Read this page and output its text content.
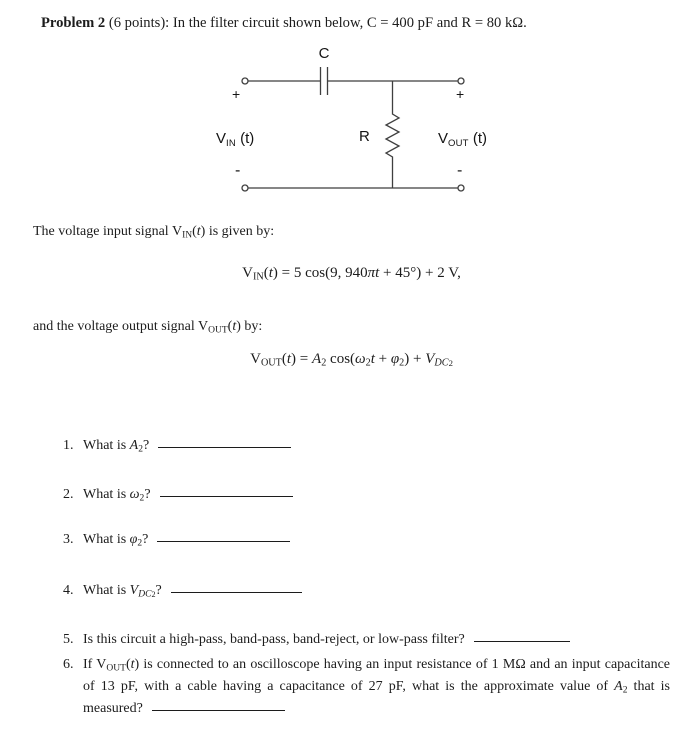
Problem 2 (6 points): In the filter circuit shown below, C = 400 pF and R = 80 kΩ.
C
+	+
$V_{IN}$ (t)	R	$V_{OUT}$ (t)
-	-
The voltage input signal VIN(t) is given by:
VIN(t) = 5 cos(9, 940πt + 45°) + 2 V,
and the voltage output signal VOUT(t) by:
VOUT(t) = A2 $\cos(\omega 2t + \varphi 2) + VDC_2$
1. What is A2?
2. What is ω2?
3. What is φ2?
4. What is $VDC_2$?
5. Is this circuit a high-pass, band-pass, band-reject, or low-pass filter?
6. If VOUT(t) is connected to an oscilloscope having an input resistance of 1 MΩ and an input capacitance of 13 pF, with a cable having a capacitance of 27 pF, what is the approximate value of A2 that is measured?
